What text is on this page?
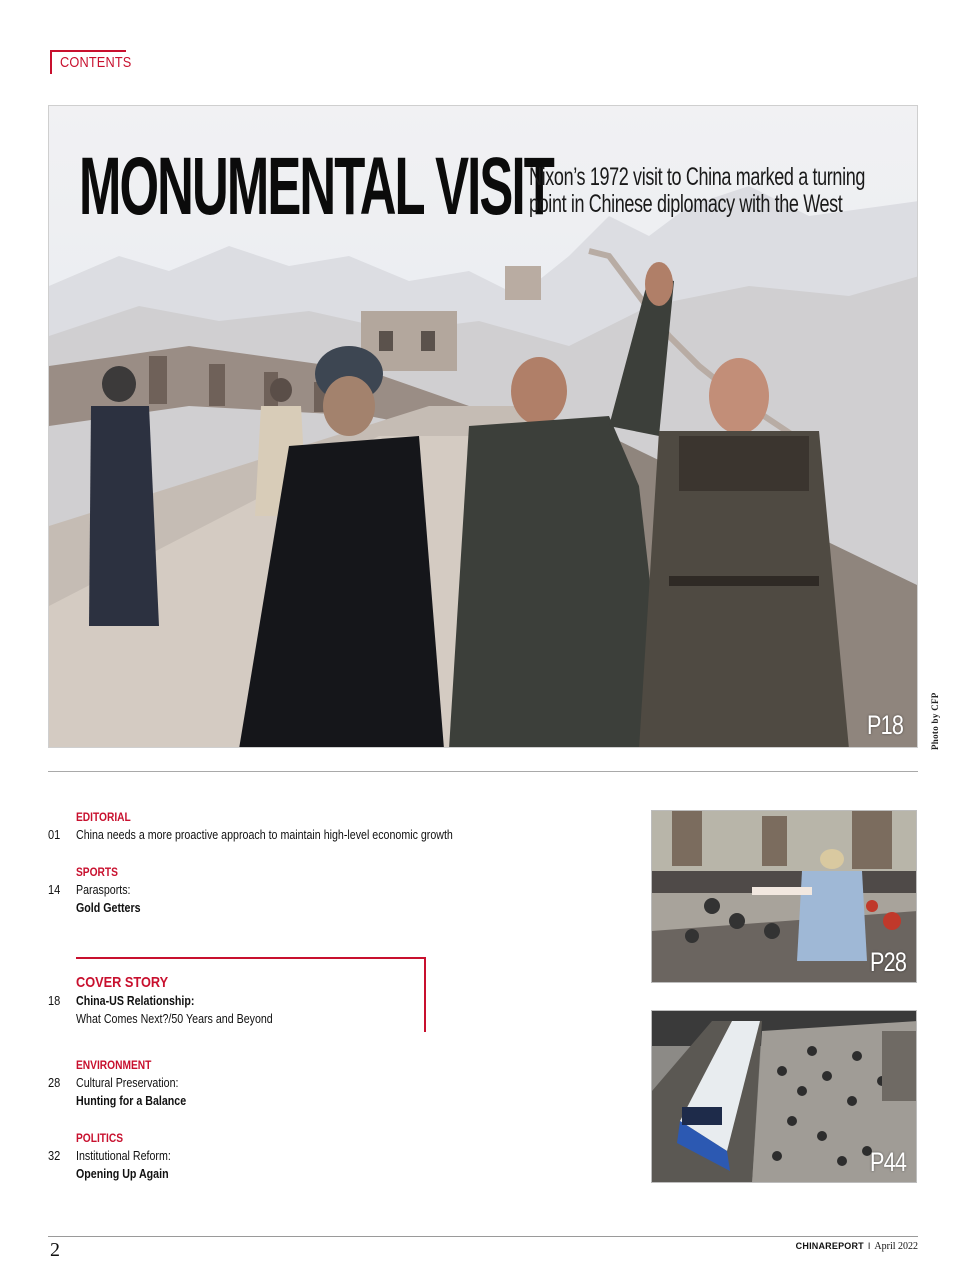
CONTENTS
MONUMENTAL VISIT

Nixon’s 1972 visit to China marked a turning
point in Chinese diplomacy with the West

P18	Photo by CFP
EDITORIAL
01 China needs a more proactive approach to maintain high-level economic growth
SPORTS
14 Parasports:
Gold Getters
COVER STORY
18 China-US Relationship:
What Comes Next?/50 Years and Beyond
ENVIRONMENT
28 Cultural Preservation:
Hunting for a Balance
POLITICS
32 Institutional Reform:
Opening Up Again
P28
P44
2	CHINAREPORT I April 2022
